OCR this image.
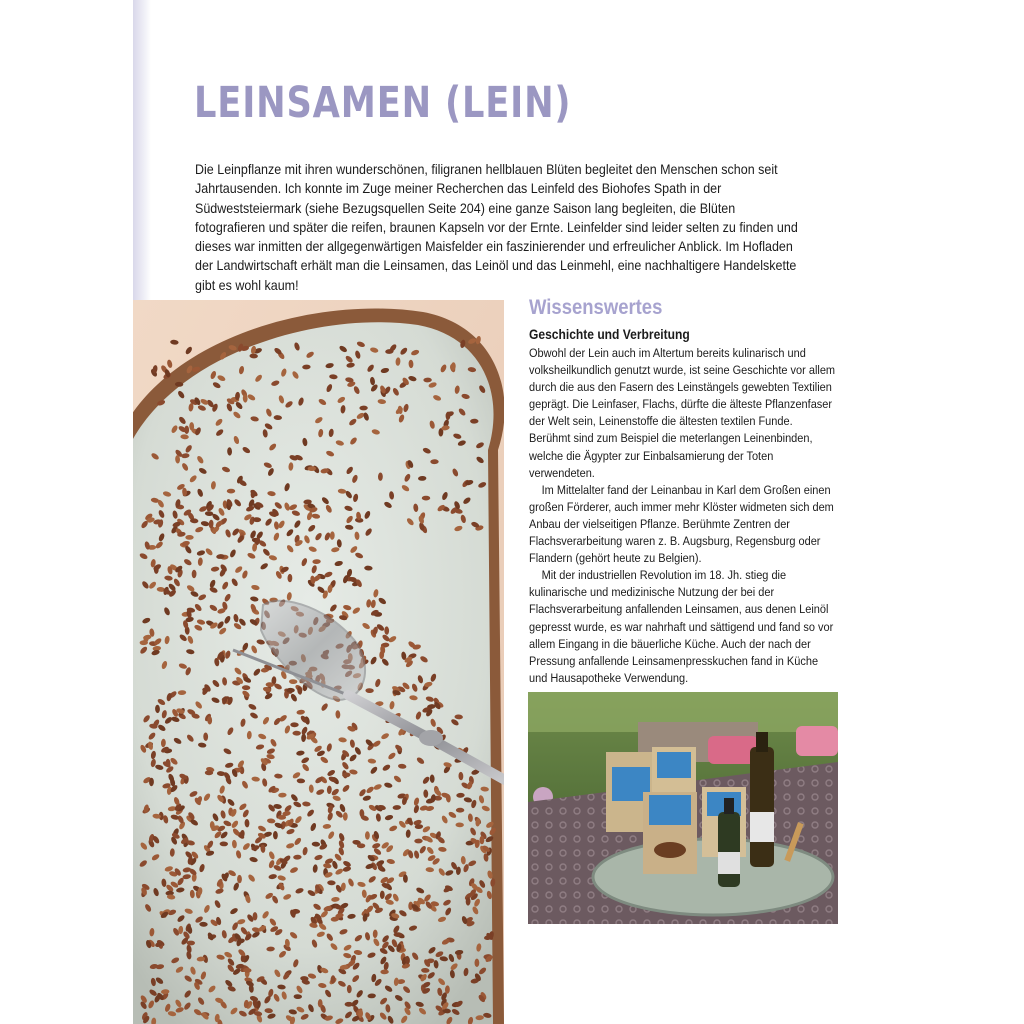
LEINSAMEN (LEIN)

Die Leinpflanze mit ihren wunderschönen, filigranen hellblauen Blüten begleitet den Menschen schon seit Jahrtausenden. Ich konnte im Zuge meiner Recherchen das Leinfeld des Biohofes Spath in der Südweststeiermark (siehe Bezugsquellen Seite 204) eine ganze Saison lang begleiten, die Blüten fotografieren und später die reifen, braunen Kapseln vor der Ernte. Leinfelder sind leider selten zu finden und dieses war inmitten der allgegenwärtigen Maisfelder ein faszinierender und erfreulicher Anblick. Im Hofladen der Landwirtschaft erhält man die Leinsamen, das Leinöl und das Leinmehl, eine nachhaltigere Handelskette gibt es wohl kaum!

Wissenswertes
Geschichte und Verbreitung

Obwohl der Lein auch im Altertum bereits kulinarisch und volksheilkundlich genutzt wurde, ist seine Geschichte vor allem durch die aus den Fasern des Leinstängels gewebten Textilien geprägt. Die Leinfaser, Flachs, dürfte die älteste Pflanzenfaser der Welt sein, Leinenstoffe die ältesten textilen Funde. Berühmt sind zum Beispiel die meterlangen Leinenbinden, welche die Ägypter zur Einbalsamierung der Toten verwendeten.

Im Mittelalter fand der Leinanbau in Karl dem Großen einen großen Förderer, auch immer mehr Klöster widmeten sich dem Anbau der vielseitigen Pflanze. Berühmte Zentren der Flachsverarbeitung waren z. B. Augsburg, Regensburg oder Flandern (gehört heute zu Belgien).

Mit der industriellen Revolution im 18. Jh. stieg die kulinarische und medizinische Nutzung der bei der Flachsverarbeitung anfallenden Leinsamen, aus denen Leinöl gepresst wurde, es war nahrhaft und sättigend und fand so vor allem Eingang in die bäuerliche Küche. Auch der nach der Pressung anfallende Leinsamenpresskuchen fand in Küche und Hausapotheke Verwendung.
